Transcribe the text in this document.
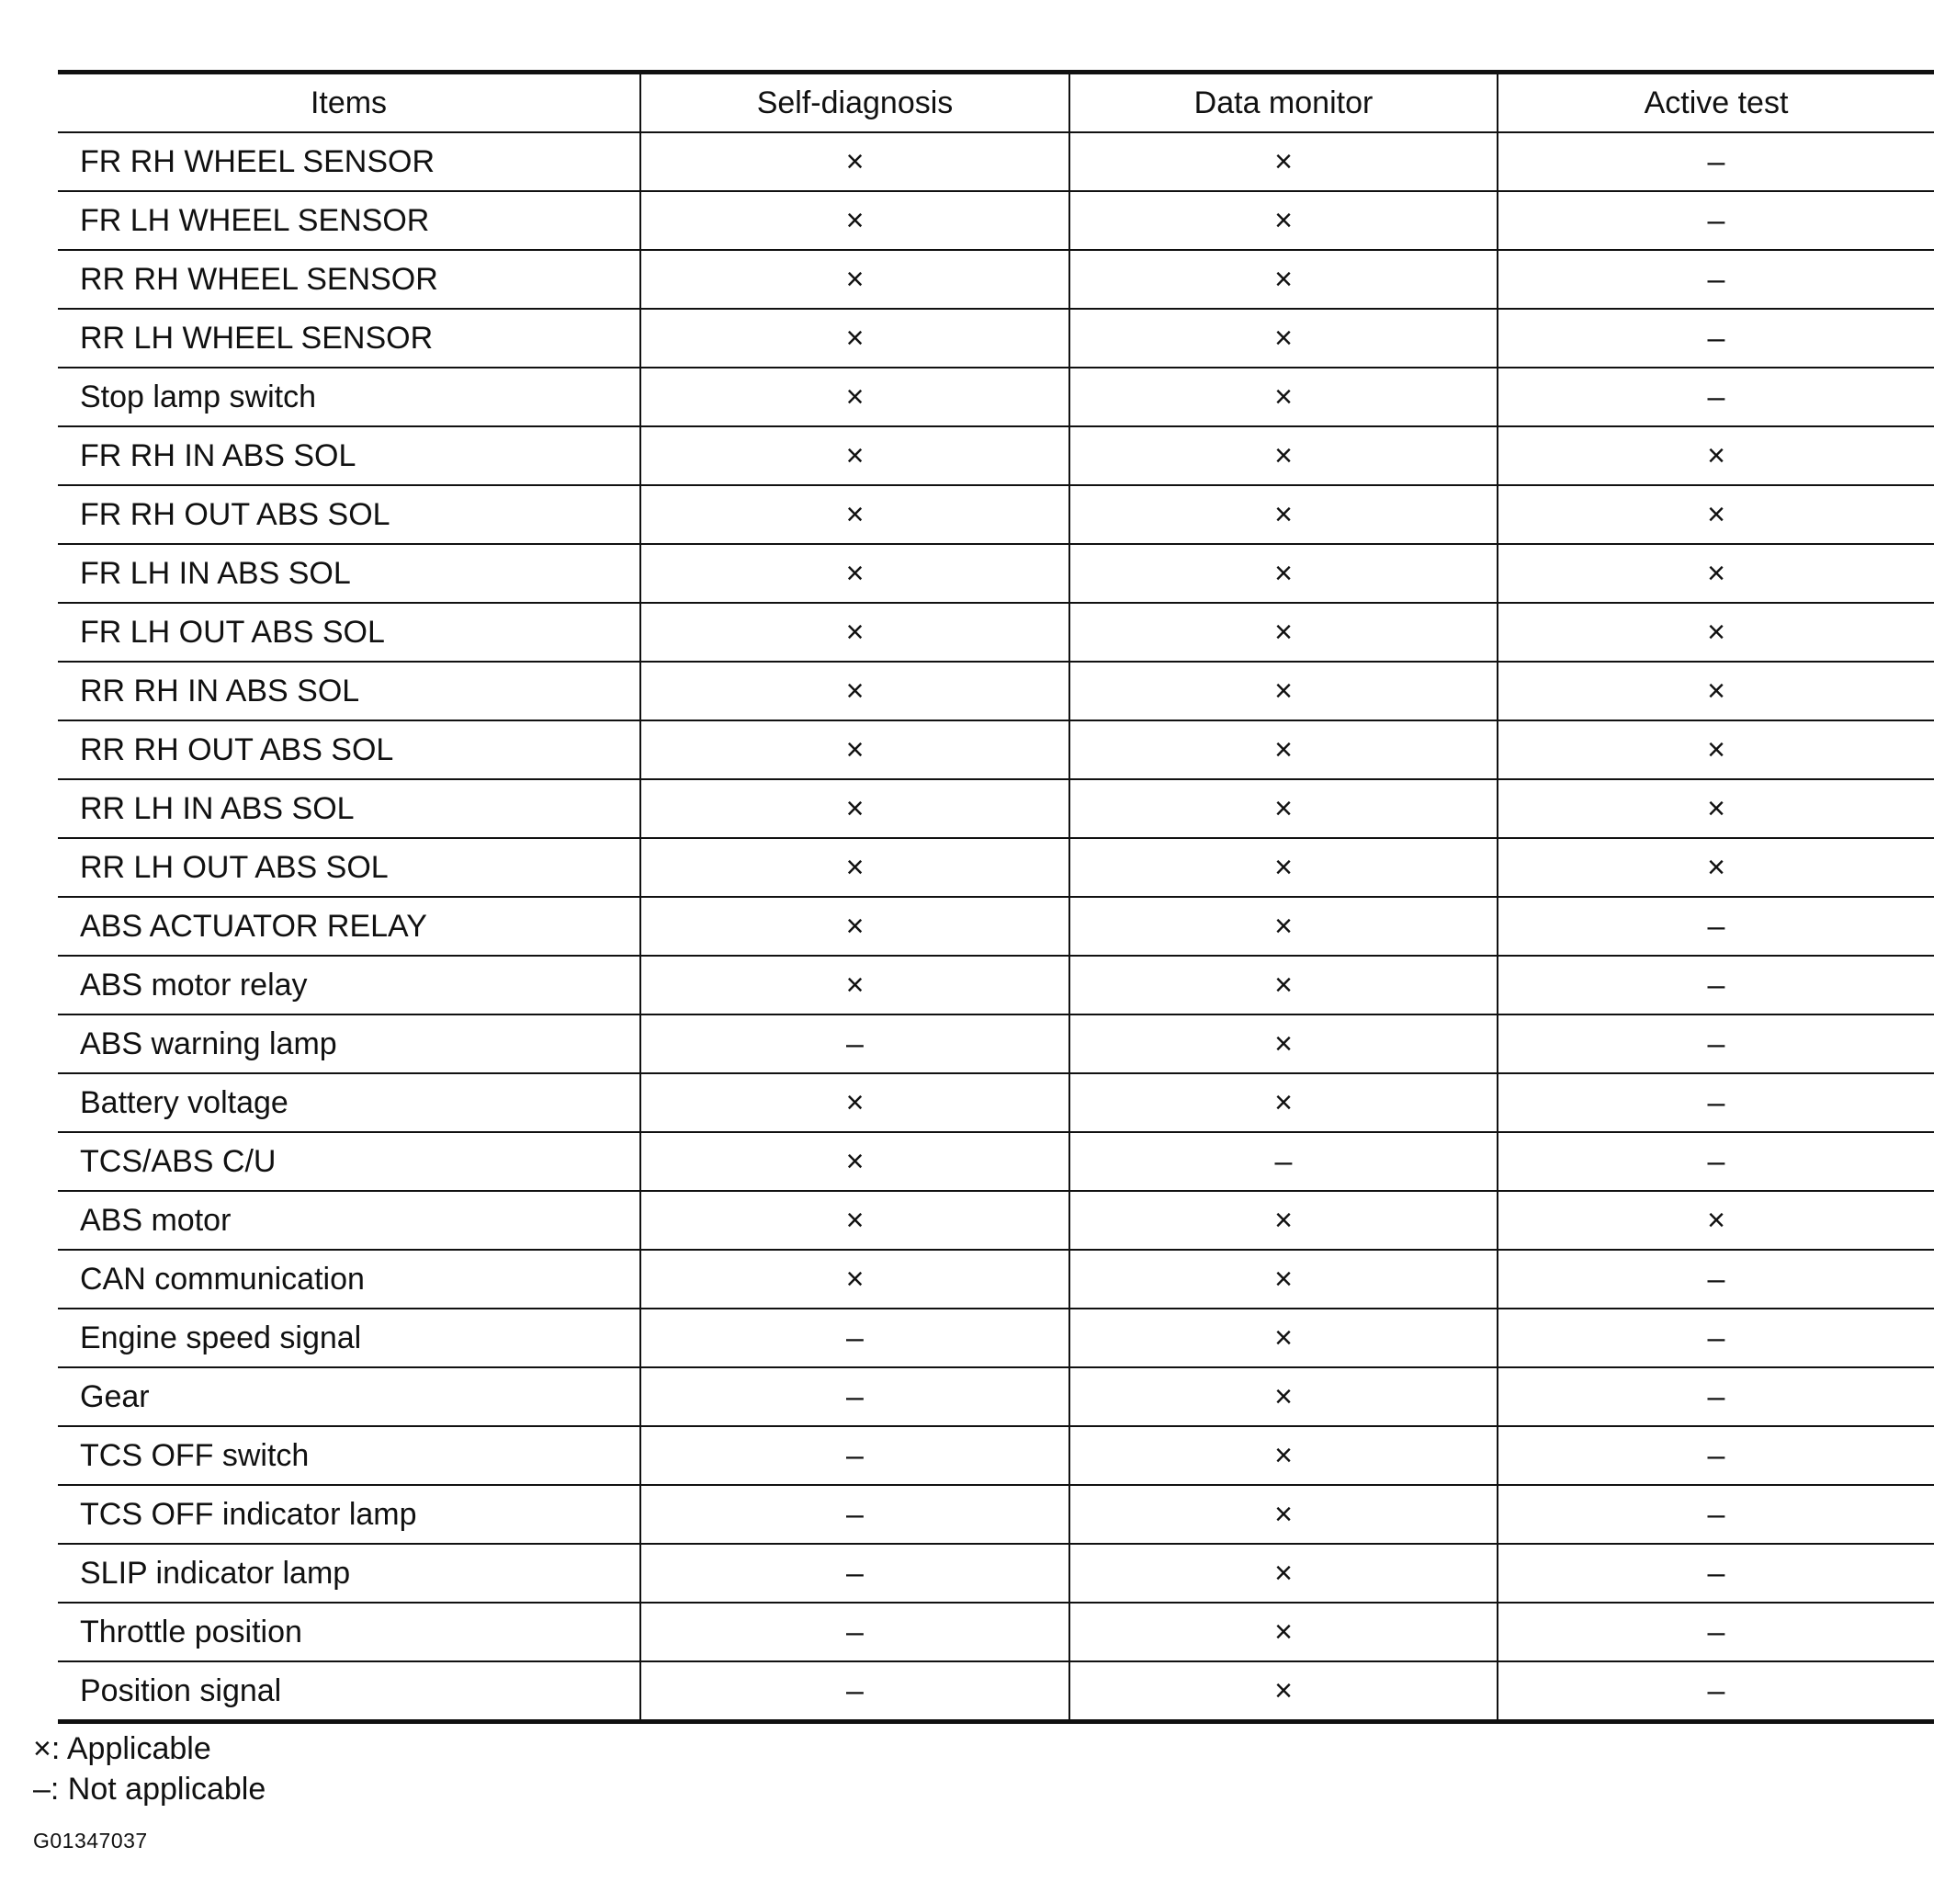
Items	Self-diagnosis	Data monitor	Active test
FR RH WHEEL SENSOR	×	×	–
FR LH WHEEL SENSOR	×	×	–
RR RH WHEEL SENSOR	×	×	–
RR LH WHEEL SENSOR	×	×	–
Stop lamp switch	×	×	–
FR RH IN ABS SOL	×	×	×
FR RH OUT ABS SOL	×	×	×
FR LH IN ABS SOL	×	×	×
FR LH OUT ABS SOL	×	×	×
RR RH IN ABS SOL	×	×	×
RR RH OUT ABS SOL	×	×	×
RR LH IN ABS SOL	×	×	×
RR LH OUT ABS SOL	×	×	×
ABS ACTUATOR RELAY	×	×	–
ABS motor relay	×	×	–
ABS warning lamp	–	×	–
Battery voltage	×	×	–
TCS/ABS C/U	×	–	–
ABS motor	×	×	×
CAN communication	×	×	–
Engine speed signal	–	×	–
Gear	–	×	–
TCS OFF switch	–	×	–
TCS OFF indicator lamp	–	×	–
SLIP indicator lamp	–	×	–
Throttle position	–	×	–
Position signal	–	×	–
×: Applicable
–: Not applicable
G01347037
